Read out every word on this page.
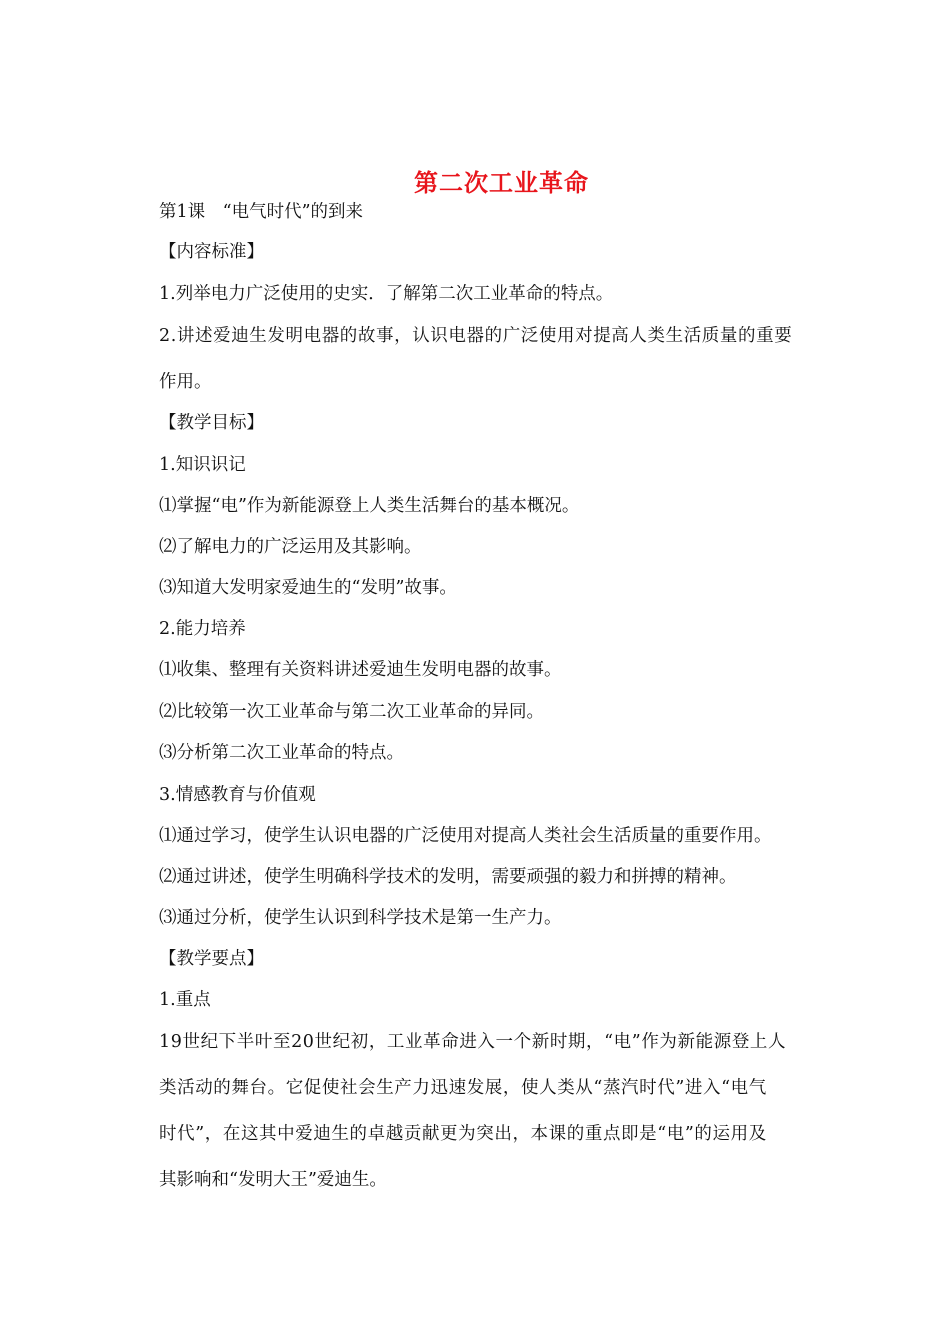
第二次工业革命
第1课　“电气时代”的到来
【内容标准】
1.列举电力广泛使用的史实．了解第二次工业革命的特点。
2.讲述爱迪生发明电器的故事，认识电器的广泛使用对提高人类生活质量的重要
作用。
【教学目标】
1.知识识记
⑴掌握“电”作为新能源登上人类生活舞台的基本概况。
⑵了解电力的广泛运用及其影响。
⑶知道大发明家爱迪生的“发明”故事。
2.能力培养
⑴收集、整理有关资料讲述爱迪生发明电器的故事。
⑵比较第一次工业革命与第二次工业革命的异同。
⑶分析第二次工业革命的特点。
3.情感教育与价值观
⑴通过学习，使学生认识电器的广泛使用对提高人类社会生活质量的重要作用。
⑵通过讲述，使学生明确科学技术的发明，需要顽强的毅力和拼搏的精神。
⑶通过分析，使学生认识到科学技术是第一生产力。
【教学要点】
1.重点
19世纪下半叶至20世纪初，工业革命进入一个新时期，“电”作为新能源登上人
类活动的舞台。它促使社会生产力迅速发展，使人类从“蒸汽时代”进入“电气
时代”，在这其中爱迪生的卓越贡献更为突出，本课的重点即是“电”的运用及
其影响和“发明大王”爱迪生。
